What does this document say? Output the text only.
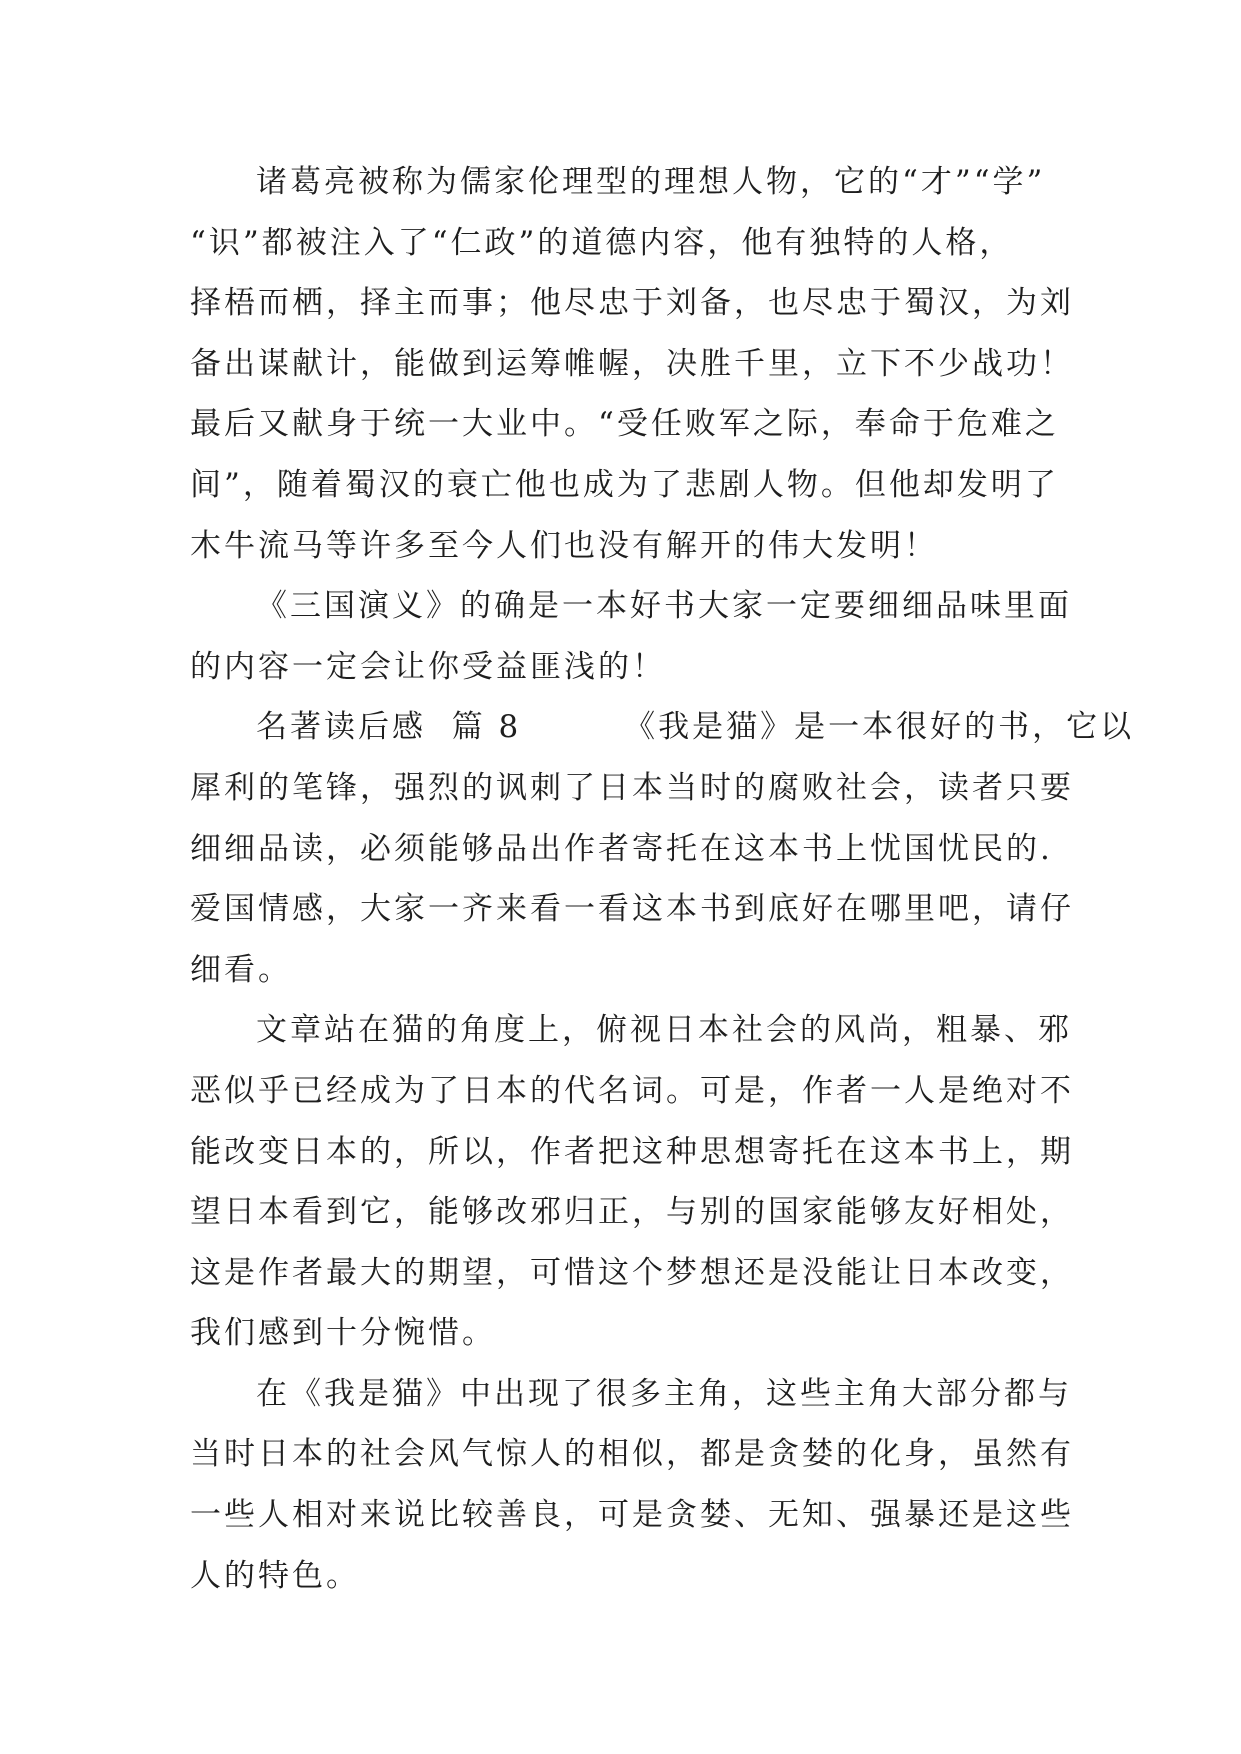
诸葛亮被称为儒家伦理型的理想人物，它的“才”“学”
“识”都被注入了“仁政”的道德内容，他有独特的人格，
择梧而栖，择主而事；他尽忠于刘备，也尽忠于蜀汉，为刘
备出谋献计，能做到运筹帷幄，决胜千里，立下不少战功！
最后又献身于统一大业中。“受任败军之际，奉命于危难之
间”，随着蜀汉的衰亡他也成为了悲剧人物。但他却发明了
木牛流马等许多至今人们也没有解开的伟大发明！
《三国演义》的确是一本好书大家一定要细细品味里面
的内容一定会让你受益匪浅的！
名著读后感  篇 8        《我是猫》是一本很好的书，它以
犀利的笔锋，强烈的讽刺了日本当时的腐败社会，读者只要
细细品读，必须能够品出作者寄托在这本书上忧国忧民的.
爱国情感，大家一齐来看一看这本书到底好在哪里吧，请仔
细看。
文章站在猫的角度上，俯视日本社会的风尚，粗暴、邪
恶似乎已经成为了日本的代名词。可是，作者一人是绝对不
能改变日本的，所以，作者把这种思想寄托在这本书上，期
望日本看到它，能够改邪归正，与别的国家能够友好相处，
这是作者最大的期望，可惜这个梦想还是没能让日本改变，
我们感到十分惋惜。
在《我是猫》中出现了很多主角，这些主角大部分都与
当时日本的社会风气惊人的相似，都是贪婪的化身，虽然有
一些人相对来说比较善良，可是贪婪、无知、强暴还是这些
人的特色。
